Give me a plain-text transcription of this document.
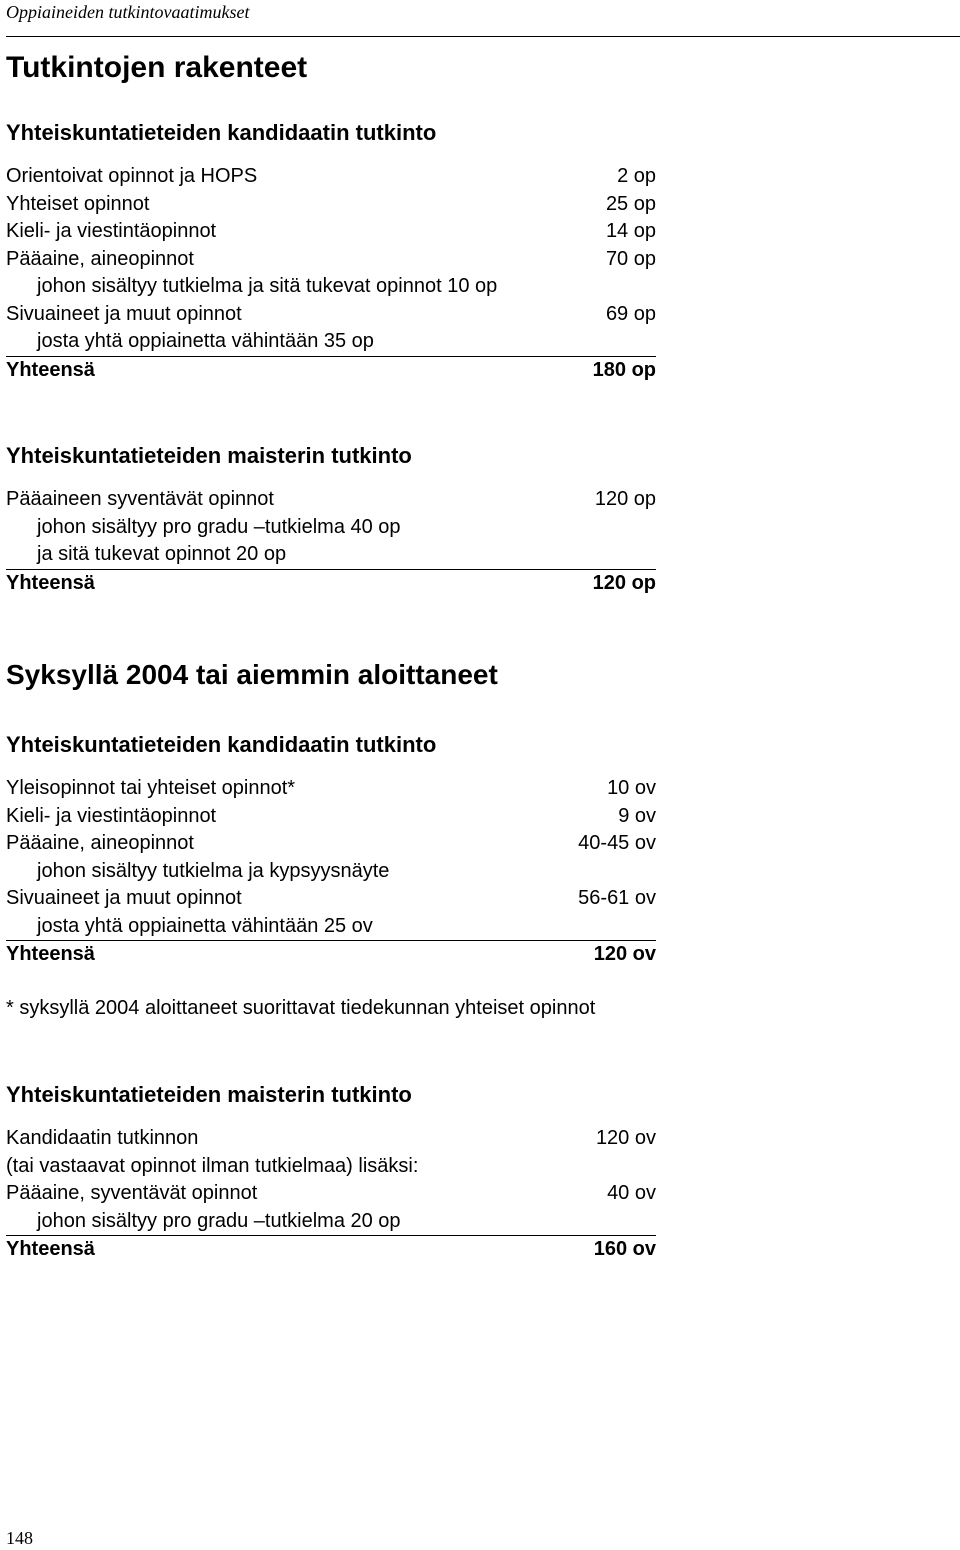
Oppiaineiden tutkintovaatimukset
Tutkintojen rakenteet
Yhteiskuntatieteiden kandidaatin tutkinto
Orientoivat opinnot ja HOPS	2 op
Yhteiset opinnot	25 op
Kieli- ja viestintäopinnot	14 op
Pääaine, aineopinnot	70 op
johon sisältyy tutkielma ja sitä tukevat opinnot 10 op
Sivuaineet ja muut opinnot	69 op
josta yhtä oppiainetta vähintään 35 op
Yhteensä	180 op
Yhteiskuntatieteiden maisterin tutkinto
Pääaineen syventävät opinnot	120 op
johon sisältyy pro gradu –tutkielma 40 op
ja sitä tukevat opinnot 20 op
Yhteensä	120 op
Syksyllä 2004 tai aiemmin aloittaneet
Yhteiskuntatieteiden kandidaatin tutkinto
Yleisopinnot tai yhteiset opinnot*	10 ov
Kieli- ja viestintäopinnot	9 ov
Pääaine, aineopinnot	40-45 ov
johon sisältyy tutkielma ja kypsyysnäyte
Sivuaineet ja muut opinnot	56-61 ov
josta yhtä oppiainetta vähintään 25 ov
Yhteensä	120 ov
* syksyllä 2004 aloittaneet suorittavat tiedekunnan yhteiset opinnot
Yhteiskuntatieteiden maisterin tutkinto
Kandidaatin tutkinnon	120 ov
(tai vastaavat opinnot ilman tutkielmaa) lisäksi:
Pääaine, syventävät opinnot	40 ov
johon sisältyy pro gradu –tutkielma 20 op
Yhteensä	160 ov
148
